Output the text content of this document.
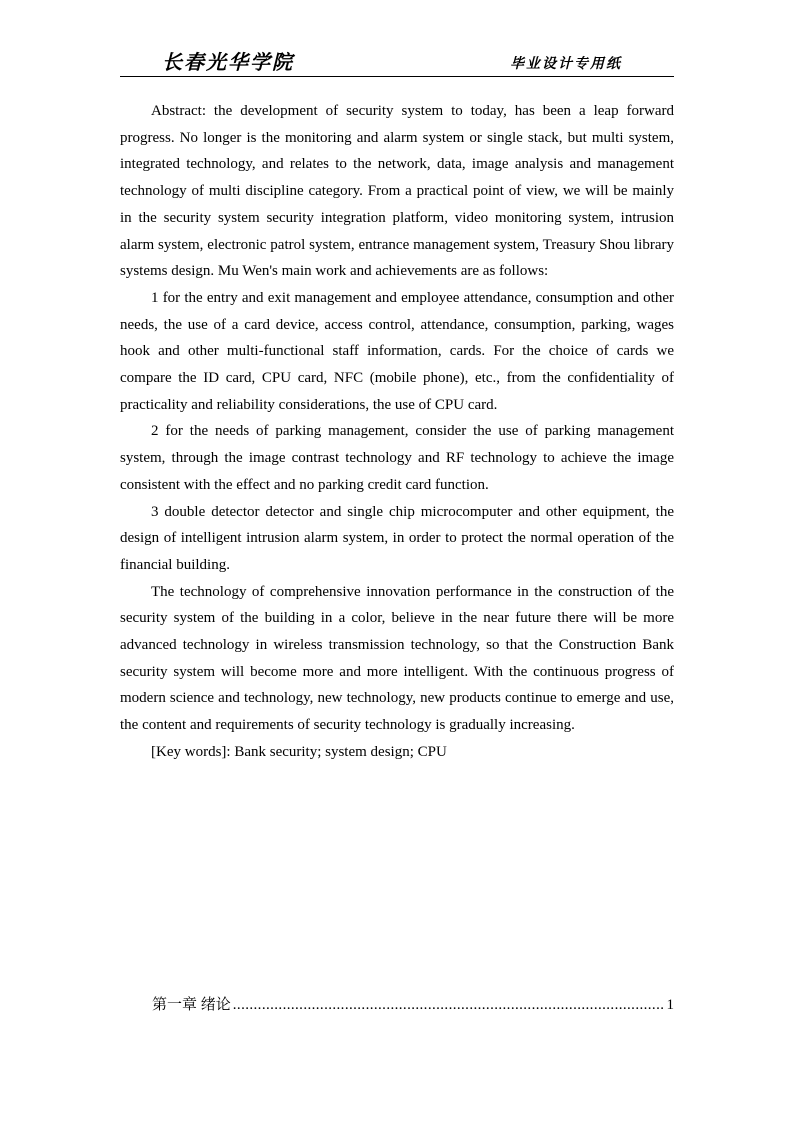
长春光华学院	毕业设计专用纸

Abstract: the development of security system to today, has been a leap forward progress. No longer is the monitoring and alarm system or single stack, but multi system, integrated technology, and relates to the network, data, image analysis and management technology of multi discipline category. From a practical point of view, we will be mainly in the security system security integration platform, video monitoring system, intrusion alarm system, electronic patrol system, entrance management system, Treasury Shou library systems design. Mu Wen's main work and achievements are as follows:

1 for the entry and exit management and employee attendance, consumption and other needs, the use of a card device, access control, attendance, consumption, parking, wages hook and other multi-functional staff information, cards. For the choice of cards we compare the ID card, CPU card, NFC (mobile phone), etc., from the confidentiality of practicality and reliability considerations, the use of CPU card.

2 for the needs of parking management, consider the use of parking management system, through the image contrast technology and RF technology to achieve the image consistent with the effect and no parking credit card function.

3 double detector detector and single chip microcomputer and other equipment, the design of intelligent intrusion alarm system, in order to protect the normal operation of the financial building.

The technology of comprehensive innovation performance in the construction of the security system of the building in a color, believe in the near future there will be more advanced technology in wireless transmission technology, so that the Construction Bank security system will become more and more intelligent. With the continuous progress of modern science and technology, new technology, new products continue to emerge and use, the content and requirements of security technology is gradually increasing.

[Key words]: Bank security; system design; CPU

第一章 绪论
.....	1
